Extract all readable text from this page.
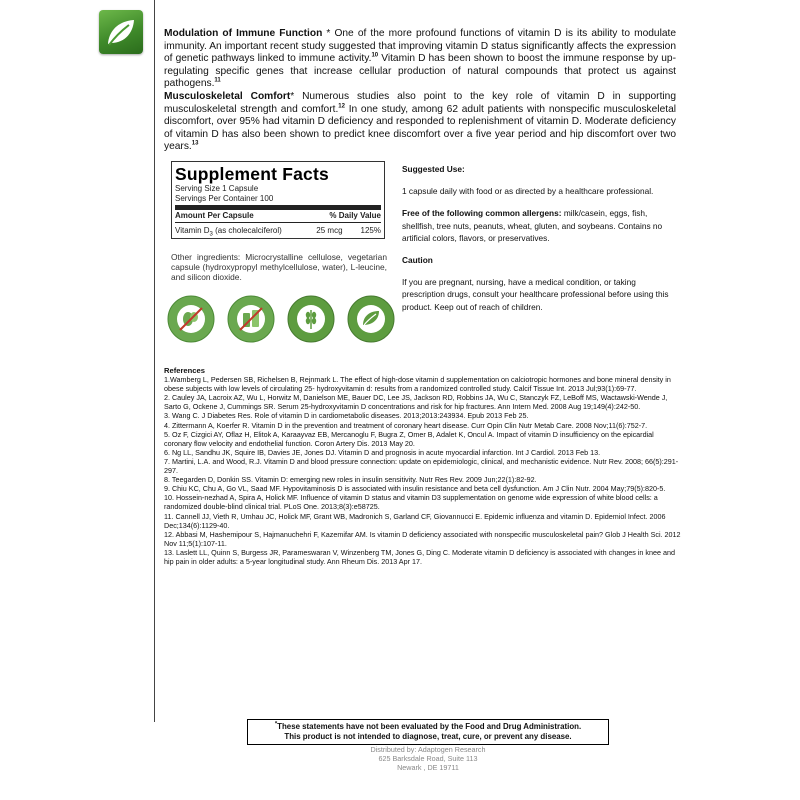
Modulation of Immune Function * One of the more profound functions of vitamin D is its ability to modulate immunity. An important recent study suggested that improving vitamin D status significantly affects the expression of genetic pathways linked to immune activity.$^{10}$ Vitamin D has been shown to boost the immune response by up-regulating specific genes that increase cellular production of natural compounds that protect us against pathogens.$^{11}$

Musculoskeletal Comfort* Numerous studies also point to the key role of vitamin D in supporting musculoskeletal strength and comfort.$^{12}$ In one study, among 62 adult patients with nonspecific musculoskeletal discomfort, over 95% had vitamin D deficiency and responded to replenishment of vitamin D. Moderate deficiency of vitamin D has also been shown to predict knee discomfort over a five year period and hip discomfort over two years.$^{13}$

Supplement Facts
Serving Size 1 Capsule
Servings Per Container 100
Amount Per Capsule	% Daily Value
Vitamin $D_3$ (as cholecalciferol)	25 mcg 125%
Other ingredients: Microcrystalline cellulose, vegetarian capsule (hydroxypropyl methylcellulose, water), L-leucine, and silicon dioxide.

Suggested Use:

1 capsule daily with food or as directed by a healthcare professional.

Free of the following common allergens: milk/casein, eggs, fish, shellfish, tree nuts, peanuts, wheat, gluten, and soybeans. Contains no artificial colors, flavors, or preservatives.

Caution

If you are pregnant, nursing, have a medical condition, or taking prescription drugs, consult your healthcare professional before using this product. Keep out of reach of children.

References
1.Wamberg L, Pedersen SB, Richelsen B, Rejnmark L. The effect of high-dose vitamin d supplementation on calciotropic hormones and bone mineral density in obese subjects with low levels of circulating 25- hydroxyvitamin d: results from a randomized controlled study. Calcif Tissue Int. 2013 Jul;93(1):69-77.
2. Cauley JA, Lacroix AZ, Wu L, Horwitz M, Danielson ME, Bauer DC, Lee JS, Jackson RD, Robbins JA, Wu C, Stanczyk FZ, LeBoff MS, Wactawski-Wende J, Sarto G, Ockene J, Cummings SR. Serum 25-hydroxyvitamin D concentrations and risk for hip fractures. Ann Intern Med. 2008 Aug 19;149(4):242-50.
3. Wang C. J Diabetes Res. Role of vitamin D in cardiometabolic diseases. 2013;2013:243934. Epub 2013 Feb 25.
4. Zittermann A, Koerfer R. Vitamin D in the prevention and treatment of coronary heart disease. Curr Opin Clin Nutr Metab Care. 2008 Nov;11(6):752-7.
5. Oz F, Cizgici AY, Oflaz H, Elitok A, Karaayvaz EB, Mercanoglu F, Bugra Z, Omer B, Adalet K, Oncul A. Impact of vitamin D insufficiency on the epicardial coronary flow velocity and endothelial function. Coron Artery Dis. 2013 May 20.
6. Ng LL, Sandhu JK, Squire IB, Davies JE, Jones DJ. Vitamin D and prognosis in acute myocardial infarction. Int J Cardiol. 2013 Feb 13.
7. Martini, L.A. and Wood, R.J. Vitamin D and blood pressure connection: update on epidemiologic, clinical, and mechanistic evidence. Nutr Rev. 2008; 66(5):291-297.
8. Teegarden D, Donkin SS. Vitamin D: emerging new roles in insulin sensitivity. Nutr Res Rev. 2009 Jun;22(1):82-92.
9. Chiu KC, Chu A, Go VL, Saad MF. Hypovitaminosis D is associated with insulin resistance and beta cell dysfunction. Am J Clin Nutr. 2004 May;79(5):820-5.
10. Hossein-nezhad A, Spira A, Holick MF. Influence of vitamin D status and vitamin D3 supplementation on genome wide expression of white blood cells: a randomized double-blind clinical trial. PLoS One. 2013;8(3):e58725.
11. Cannell JJ, Vieth R, Umhau JC, Holick MF, Grant WB, Madronich S, Garland CF, Giovannucci E. Epidemic influenza and vitamin D. Epidemiol Infect. 2006 Dec;134(6):1129-40.
12. Abbasi M, Hashemipour S, Hajmanuchehri F, Kazemifar AM. Is vitamin D deficiency associated with nonspecific musculoskeletal pain? Glob J Health Sci. 2012 Nov 11;5(1):107-11.
13. Laslett LL, Quinn S, Burgess JR, Parameswaran V, Winzenberg TM, Jones G, Ding C. Moderate vitamin D deficiency is associated with changes in knee and hip pain in older adults: a 5-year longitudinal study. Ann Rheum Dis. 2013 Apr 17.
*These statements have not been evaluated by the Food and Drug Administration.
This product is not intended to diagnose, treat, cure, or prevent any disease.
Distributed by: Adaptogen Research
625 Barksdale Road, Suite 113
Newark , DE 19711
